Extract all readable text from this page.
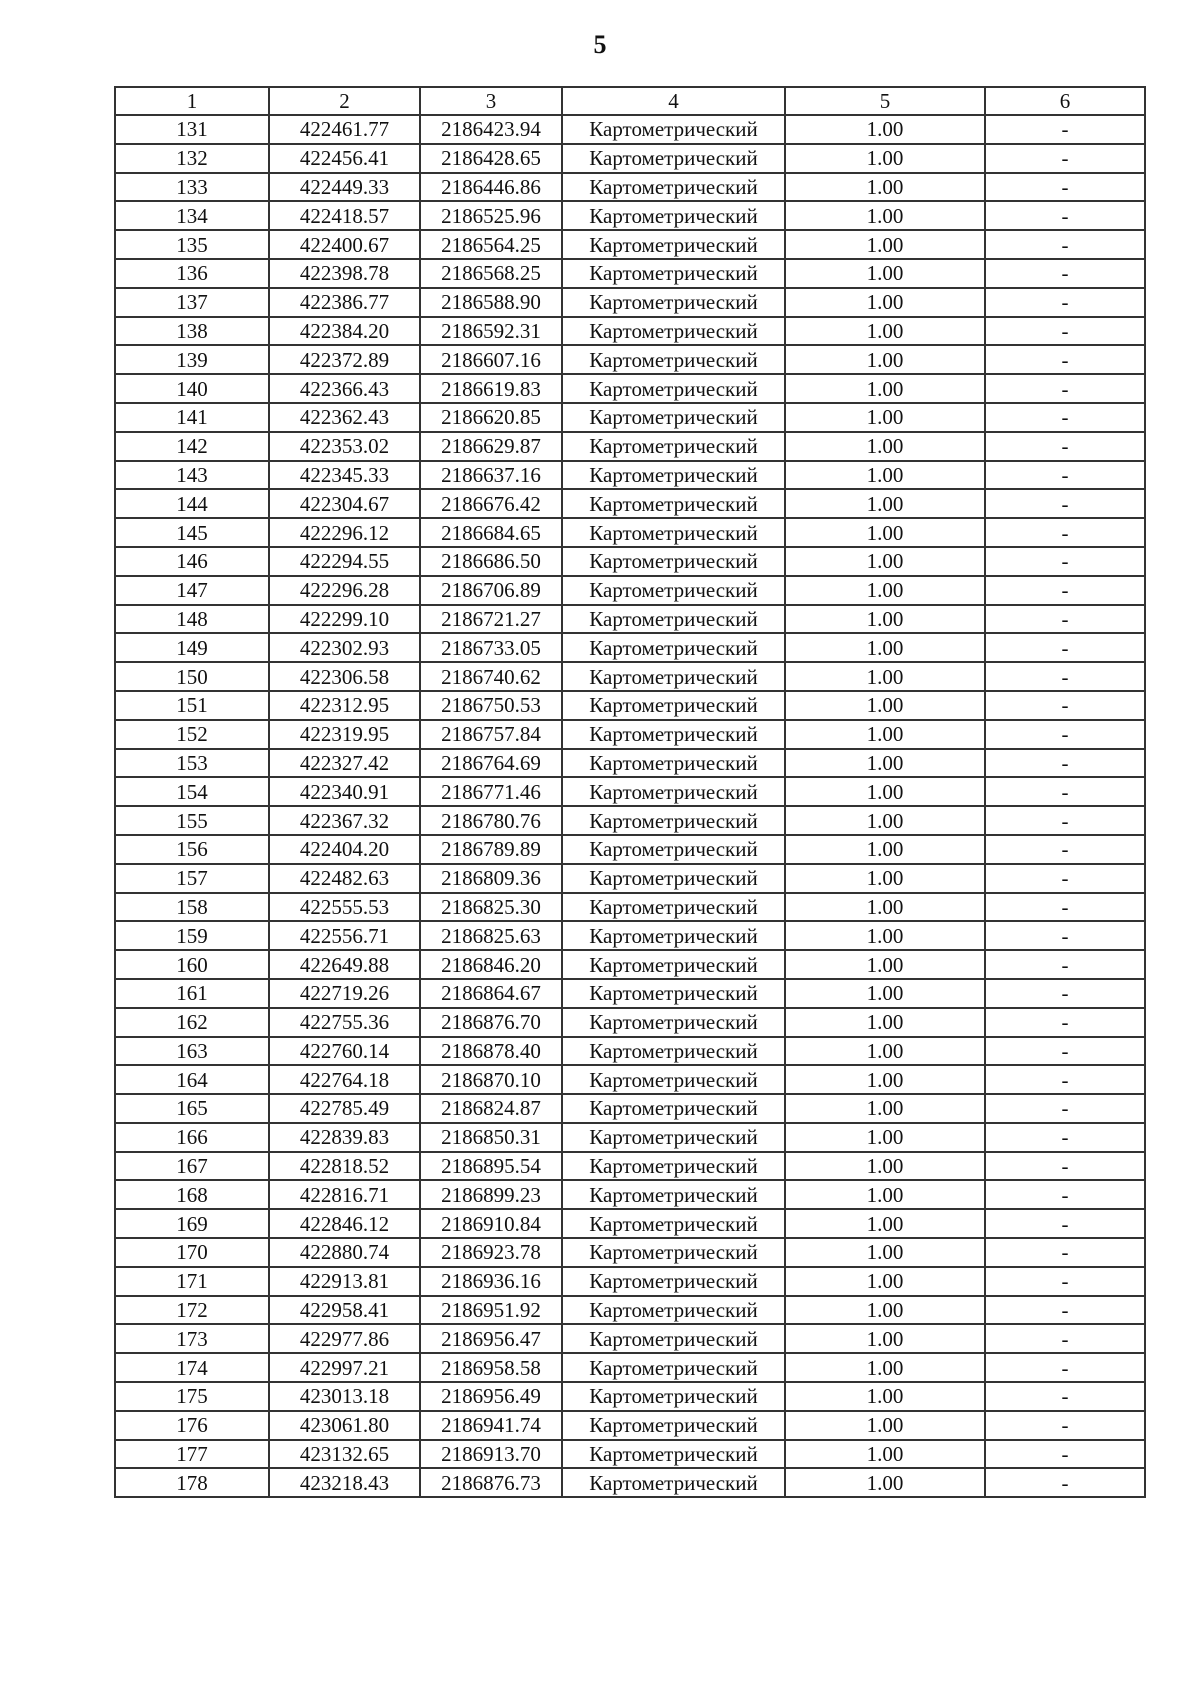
5
1	2	3	4	5	6
131	422461.77	2186423.94	Картометрический	1.00	-
132	422456.41	2186428.65	Картометрический	1.00	-
133	422449.33	2186446.86	Картометрический	1.00	-
134	422418.57	2186525.96	Картометрический	1.00	-
135	422400.67	2186564.25	Картометрический	1.00	-
136	422398.78	2186568.25	Картометрический	1.00	-
137	422386.77	2186588.90	Картометрический	1.00	-
138	422384.20	2186592.31	Картометрический	1.00	-
139	422372.89	2186607.16	Картометрический	1.00	-
140	422366.43	2186619.83	Картометрический	1.00	-
141	422362.43	2186620.85	Картометрический	1.00	-
142	422353.02	2186629.87	Картометрический	1.00	-
143	422345.33	2186637.16	Картометрический	1.00	-
144	422304.67	2186676.42	Картометрический	1.00	-
145	422296.12	2186684.65	Картометрический	1.00	-
146	422294.55	2186686.50	Картометрический	1.00	-
147	422296.28	2186706.89	Картометрический	1.00	-
148	422299.10	2186721.27	Картометрический	1.00	-
149	422302.93	2186733.05	Картометрический	1.00	-
150	422306.58	2186740.62	Картометрический	1.00	-
151	422312.95	2186750.53	Картометрический	1.00	-
152	422319.95	2186757.84	Картометрический	1.00	-
153	422327.42	2186764.69	Картометрический	1.00	-
154	422340.91	2186771.46	Картометрический	1.00	-
155	422367.32	2186780.76	Картометрический	1.00	-
156	422404.20	2186789.89	Картометрический	1.00	-
157	422482.63	2186809.36	Картометрический	1.00	-
158	422555.53	2186825.30	Картометрический	1.00	-
159	422556.71	2186825.63	Картометрический	1.00	-
160	422649.88	2186846.20	Картометрический	1.00	-
161	422719.26	2186864.67	Картометрический	1.00	-
162	422755.36	2186876.70	Картометрический	1.00	-
163	422760.14	2186878.40	Картометрический	1.00	-
164	422764.18	2186870.10	Картометрический	1.00	-
165	422785.49	2186824.87	Картометрический	1.00	-
166	422839.83	2186850.31	Картометрический	1.00	-
167	422818.52	2186895.54	Картометрический	1.00	-
168	422816.71	2186899.23	Картометрический	1.00	-
169	422846.12	2186910.84	Картометрический	1.00	-
170	422880.74	2186923.78	Картометрический	1.00	-
171	422913.81	2186936.16	Картометрический	1.00	-
172	422958.41	2186951.92	Картометрический	1.00	-
173	422977.86	2186956.47	Картометрический	1.00	-
174	422997.21	2186958.58	Картометрический	1.00	-
175	423013.18	2186956.49	Картометрический	1.00	-
176	423061.80	2186941.74	Картометрический	1.00	-
177	423132.65	2186913.70	Картометрический	1.00	-
178	423218.43	2186876.73	Картометрический	1.00	-
